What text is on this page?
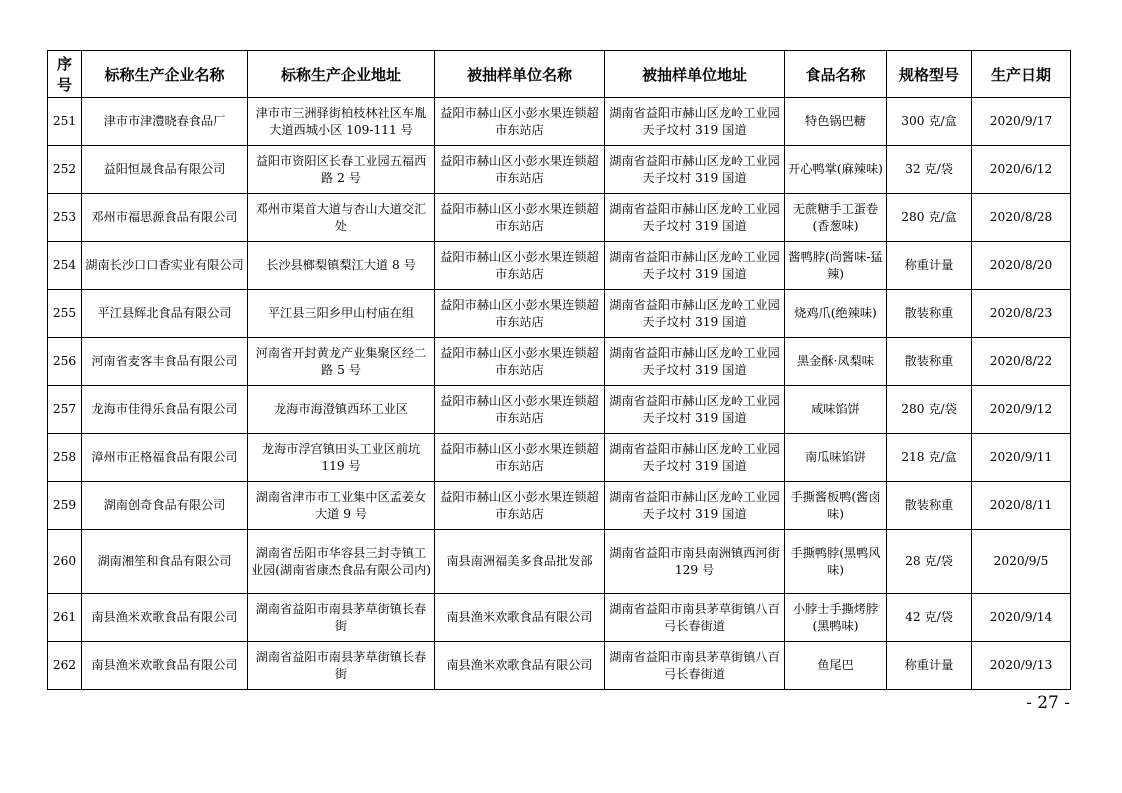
序号	标称生产企业名称	标称生产企业地址	被抽样单位名称	被抽样单位地址	食品名称	规格型号	生产日期
251	津市市津澧晓春食品厂	津市市三洲驿街柏枝林社区车胤大道西城小区 109-111 号	益阳市赫山区小彭水果连锁超市东站店	湖南省益阳市赫山区龙岭工业园天子坟村 319 国道	特色锅巴糖	300 克/盒	2020/9/17
252	益阳恒晟食品有限公司	益阳市资阳区长春工业园五福西路 2 号	益阳市赫山区小彭水果连锁超市东站店	湖南省益阳市赫山区龙岭工业园天子坟村 319 国道	开心鸭掌(麻辣味)	32 克/袋	2020/6/12
253	邓州市福思源食品有限公司	邓州市渠首大道与杏山大道交汇处	益阳市赫山区小彭水果连锁超市东站店	湖南省益阳市赫山区龙岭工业园天子坟村 319 国道	无蔗糖手工蛋卷(香葱味)	280 克/盒	2020/8/28
254	湖南长沙口口香实业有限公司	长沙县榔梨镇梨江大道 8 号	益阳市赫山区小彭水果连锁超市东站店	湖南省益阳市赫山区龙岭工业园天子坟村 319 国道	酱鸭脖(尚酱味-猛辣)	称重计量	2020/8/20
255	平江县辉北食品有限公司	平江县三阳乡甲山村庙在组	益阳市赫山区小彭水果连锁超市东站店	湖南省益阳市赫山区龙岭工业园天子坟村 319 国道	烧鸡爪(绝辣味)	散装称重	2020/8/23
256	河南省麦客丰食品有限公司	河南省开封黄龙产业集聚区经二路 5 号	益阳市赫山区小彭水果连锁超市东站店	湖南省益阳市赫山区龙岭工业园天子坟村 319 国道	黑金酥·凤梨味	散装称重	2020/8/22
257	龙海市佳得乐食品有限公司	龙海市海澄镇西环工业区	益阳市赫山区小彭水果连锁超市东站店	湖南省益阳市赫山区龙岭工业园天子坟村 319 国道	咸味馅饼	280 克/袋	2020/9/12
258	漳州市正格福食品有限公司	龙海市浮宫镇田头工业区前坑 119 号	益阳市赫山区小彭水果连锁超市东站店	湖南省益阳市赫山区龙岭工业园天子坟村 319 国道	南瓜味馅饼	218 克/盒	2020/9/11
259	湖南创奇食品有限公司	湖南省津市市工业集中区孟姜女大道 9 号	益阳市赫山区小彭水果连锁超市东站店	湖南省益阳市赫山区龙岭工业园天子坟村 319 国道	手撕酱板鸭(酱卤味)	散装称重	2020/8/11
260	湖南湘笙和食品有限公司	湖南省岳阳市华容县三封寺镇工业园(湖南省康杰食品有限公司内)	南县南洲福美多食品批发部	湖南省益阳市南县南洲镇西河街 129 号	手撕鸭脖(黑鸭风味)	28 克/袋	2020/9/5
261	南县渔米欢歌食品有限公司	湖南省益阳市南县茅草街镇长春街	南县渔米欢歌食品有限公司	湖南省益阳市南县茅草街镇八百弓长春街道	小脖士手撕烤脖(黑鸭味)	42 克/袋	2020/9/14
262	南县渔米欢歌食品有限公司	湖南省益阳市南县茅草街镇长春街	南县渔米欢歌食品有限公司	湖南省益阳市南县茅草街镇八百弓长春街道	鱼尾巴	称重计量	2020/9/13
- 27 -
